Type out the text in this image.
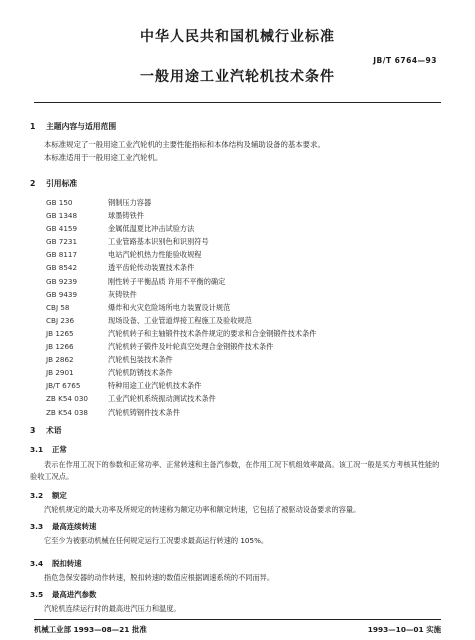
中华人民共和国机械行业标准
JB/T 6764—93
一般用途工业汽轮机技术条件
1 主题内容与适用范围
本标准规定了一般用途工业汽轮机的主要性能指标和本体结构及辅助设备的基本要求。
本标准适用于一般用途工业汽轮机。
2 引用标准
GB 150	钢制压力容器
GB 1348	球墨铸铁件
GB 4159	金属低温夏比冲击试验方法
GB 7231	工业管路基本识别色和识别符号
GB 8117	电站汽轮机热力性能验收规程
GB 8542	透平齿轮传动装置技术条件
GB 9239	刚性转子平衡品质 许用不平衡的确定
GB 9439	灰铸铁件
CBJ 58	爆炸和火灾危险场所电力装置设计规范
CBJ 236	现场设备、工业管道焊接工程施工及验收规范
JB 1265	汽轮机转子和主轴锻件技术条件规定的要求和合金钢锻件技术条件
JB 1266	汽轮机转子锻件及叶轮真空处理合金钢锻件技术条件
JB 2862	汽轮机包装技术条件
JB 2901	汽轮机防锈技术条件
JB/T 6765	特种用途工业汽轮机技术条件
ZB K54 030	工业汽轮机系统振动测试技术条件
ZB K54 038	汽轮机铸钢件技术条件
3 术语
3.1 正常
表示在作用工况下的参数和正常功率、正常转速和主备汽参数，在作用工况下机组效率最高。该工况一般是买方考核其性能的验收工况点。
3.2 额定
汽轮机规定的最大功率及所规定的转速称为额定功率和额定转速，它包括了被驱动设备要求的容量。
3.3 最高连续转速
它至少为被驱动机械在任何规定运行工况要求最高运行转速的 105%。
3.4 脱扣转速
指危急保安器的动作转速，脱扣转速的数值应根据调速系统的不同而异。
3.5 最高进汽参数
汽轮机连续运行时的最高进汽压力和温度。
机械工业部 1993—08—21 批准	1993—10—01 实施
